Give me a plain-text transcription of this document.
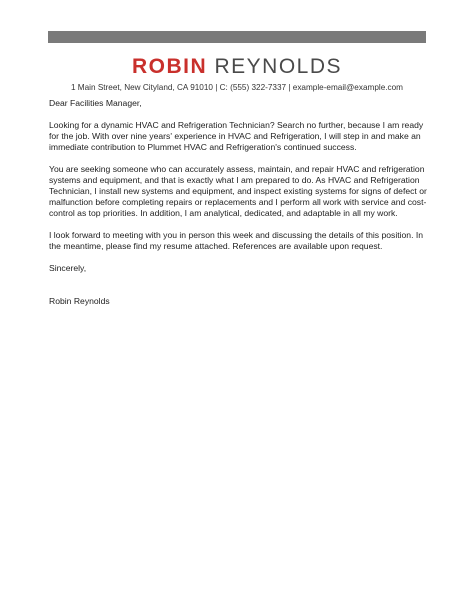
ROBIN REYNOLDS
1 Main Street, New Cityland, CA 91010 | C: (555) 322-7337 | example-email@example.com

Dear Facilities Manager,

Looking for a dynamic HVAC and Refrigeration Technician? Search no further, because I am ready for the job. With over nine years' experience in HVAC and Refrigeration, I will step in and make an immediate contribution to Plummet HVAC and Refrigeration's continued success.

You are seeking someone who can accurately assess, maintain, and repair HVAC and refrigeration systems and equipment, and that is exactly what I am prepared to do. As HVAC and Refrigeration Technician, I install new systems and equipment, and inspect existing systems for signs of defect or malfunction before completing repairs or replacements and I perform all work with service and cost-control as top priorities. In addition, I am analytical, dedicated, and adaptable in all my work.

I look forward to meeting with you in person this week and discussing the details of this position. In the meantime, please find my resume attached. References are available upon request.

Sincerely,

Robin Reynolds
